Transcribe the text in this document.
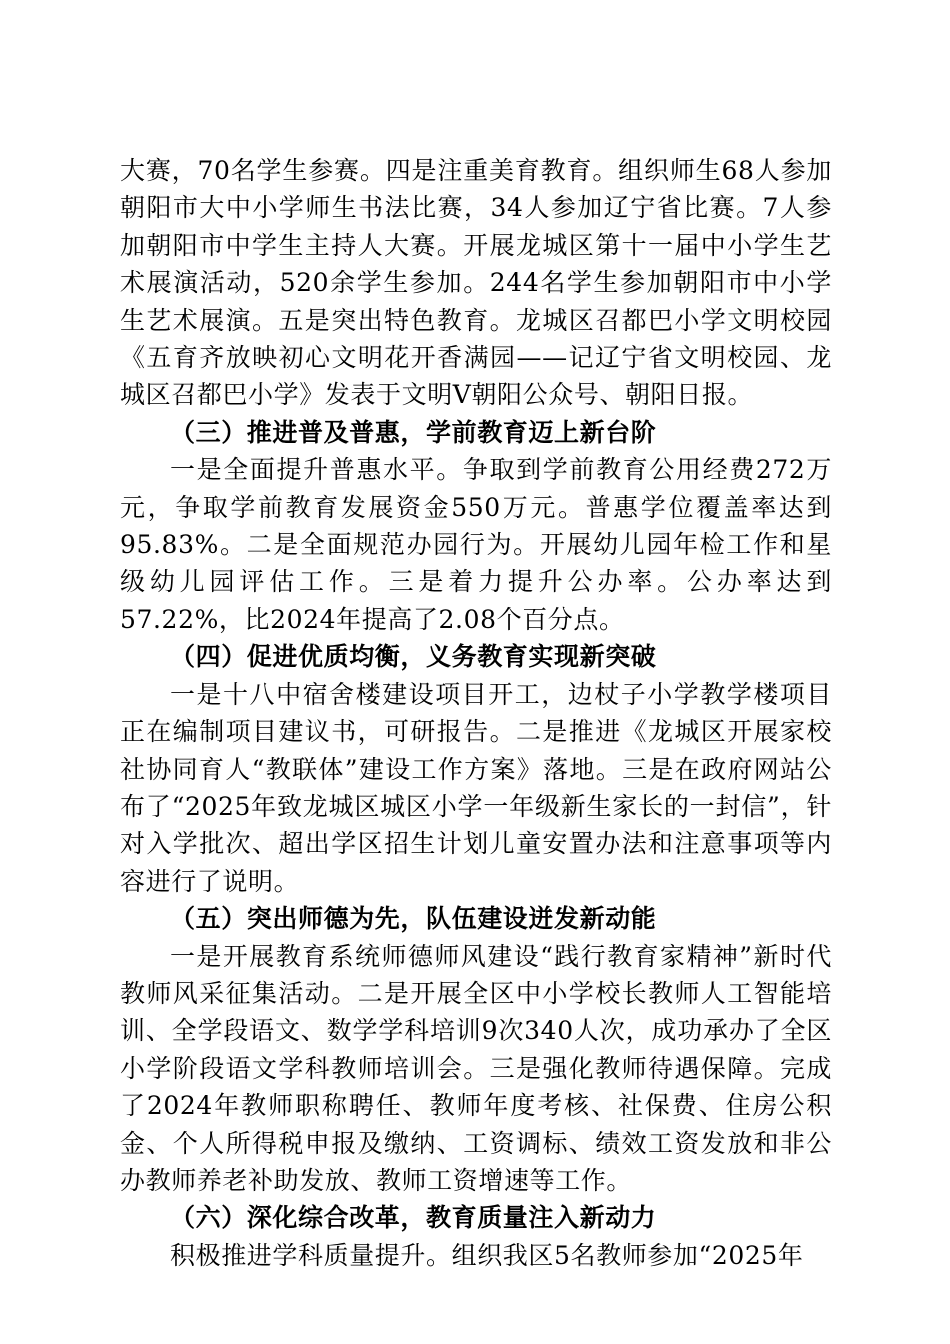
大赛，70名学生参赛。四是注重美育教育。组织师生68人参加朝阳市大中小学师生书法比赛，34人参加辽宁省比赛。7人参加朝阳市中学生主持人大赛。开展龙城区第十一届中小学生艺术展演活动，520余学生参加。244名学生参加朝阳市中小学生艺术展演。五是突出特色教育。龙城区召都巴小学文明校园《五育齐放映初心文明花开香满园——记辽宁省文明校园、龙城区召都巴小学》发表于文明V朝阳公众号、朝阳日报。

（三）推进普及普惠，学前教育迈上新台阶

一是全面提升普惠水平。争取到学前教育公用经费272万元，争取学前教育发展资金550万元。普惠学位覆盖率达到95.83%。二是全面规范办园行为。开展幼儿园年检工作和星级幼儿园评估工作。三是着力提升公办率。公办率达到57.22%，比2024年提高了2.08个百分点。

（四）促进优质均衡，义务教育实现新突破

一是十八中宿舍楼建设项目开工，边杖子小学教学楼项目正在编制项目建议书，可研报告。二是推进《龙城区开展家校社协同育人“教联体”建设工作方案》落地。三是在政府网站公布了“2025年致龙城区城区小学一年级新生家长的一封信”，针对入学批次、超出学区招生计划儿童安置办法和注意事项等内容进行了说明。

（五）突出师德为先，队伍建设迸发新动能

一是开展教育系统师德师风建设“践行教育家精神”新时代教师风采征集活动。二是开展全区中小学校长教师人工智能培训、全学段语文、数学学科培训9次340人次，成功承办了全区小学阶段语文学科教师培训会。三是强化教师待遇保障。完成了2024年教师职称聘任、教师年度考核、社保费、住房公积金、个人所得税申报及缴纳、工资调标、绩效工资发放和非公办教师养老补助发放、教师工资增速等工作。

（六）深化综合改革，教育质量注入新动力

积极推进学科质量提升。组织我区5名教师参加“2025年
